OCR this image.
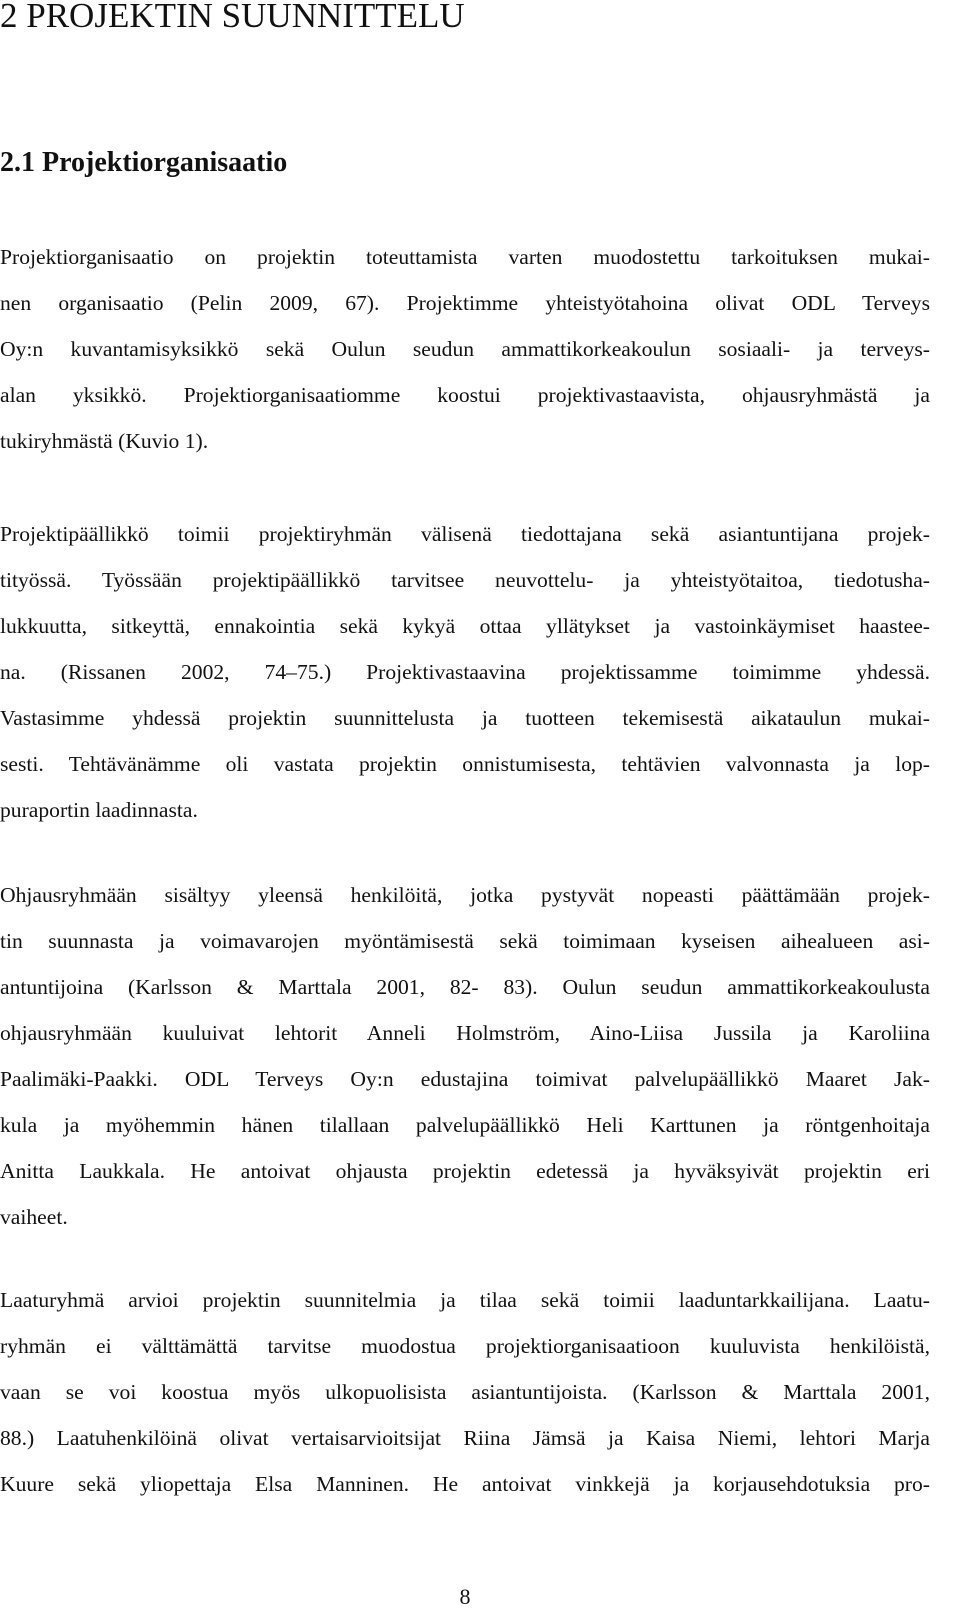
2 PROJEKTIN SUUNNITTELU
2.1 Projektiorganisaatio
Projektiorganisaatio on projektin toteuttamista varten muodostettu tarkoituksen mukai-
nen organisaatio (Pelin 2009, 67). Projektimme yhteistyötahoina olivat ODL Terveys
Oy:n kuvantamisyksikkö sekä Oulun seudun ammattikorkeakoulun sosiaali- ja terveys-
alan yksikkö. Projektiorganisaatiomme koostui projektivastaavista, ohjausryhmästä ja
tukiryhmästä (Kuvio 1).
Projektipäällikkö toimii projektiryhmän välisenä tiedottajana sekä asiantuntijana projek-
tityössä. Työssään projektipäällikkö tarvitsee neuvottelu- ja yhteistyötaitoa, tiedotusha-
lukkuutta, sitkeyttä, ennakointia sekä kykyä ottaa yllätykset ja vastoinkäymiset haastee-
na. (Rissanen 2002, 74–75.) Projektivastaavina projektissamme toimimme yhdessä.
Vastasimme yhdessä projektin suunnittelusta ja tuotteen tekemisestä aikataulun mukai-
sesti. Tehtävänämme oli vastata projektin onnistumisesta, tehtävien valvonnasta ja lop-
puraportin laadinnasta.
Ohjausryhmään sisältyy yleensä henkilöitä, jotka pystyvät nopeasti päättämään projek-
tin suunnasta ja voimavarojen myöntämisestä sekä toimimaan kyseisen aihealueen asi-
antuntijoina (Karlsson & Marttala 2001, 82- 83). Oulun seudun ammattikorkeakoulusta
ohjausryhmään kuuluivat lehtorit Anneli Holmström, Aino-Liisa Jussila ja Karoliina
Paalimäki-Paakki. ODL Terveys Oy:n edustajina toimivat palvelupäällikkö Maaret Jak-
kula ja myöhemmin hänen tilallaan palvelupäällikkö Heli Karttunen ja röntgenhoitaja
Anitta Laukkala. He antoivat ohjausta projektin edetessä ja hyväksyivät projektin eri
vaiheet.
Laaturyhmä arvioi projektin suunnitelmia ja tilaa sekä toimii laaduntarkkailijana. Laatu-
ryhmän ei välttämättä tarvitse muodostua projektiorganisaatioon kuuluvista henkilöistä,
vaan se voi koostua myös ulkopuolisista asiantuntijoista. (Karlsson & Marttala 2001,
88.) Laatuhenkilöinä olivat vertaisarvioitsijat Riina Jämsä ja Kaisa Niemi, lehtori Marja
Kuure sekä yliopettaja Elsa Manninen. He antoivat vinkkejä ja korjausehdotuksia pro-
8
